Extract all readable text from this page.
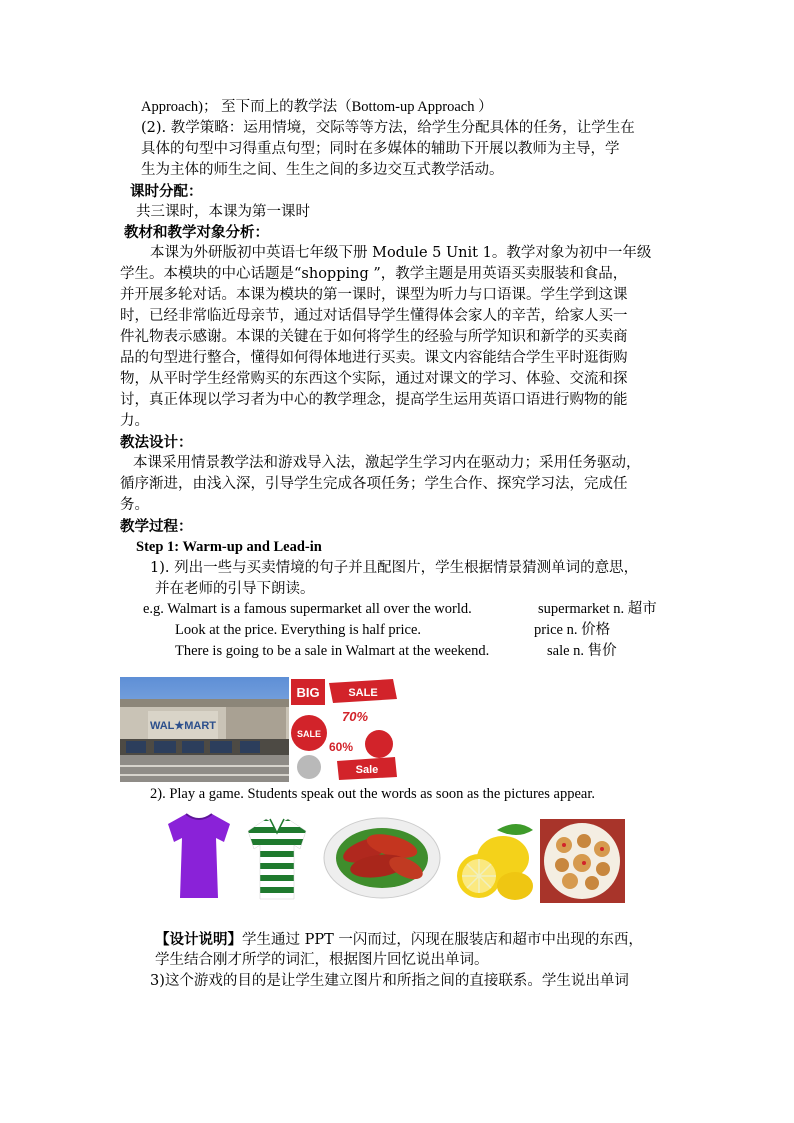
Approach)； 至下而上的教学法（Bottom-up Approach ）
(2). 教学策略：运用情境，交际等等方法，给学生分配具体的任务，让学生在
具体的句型中习得重点句型；同时在多媒体的辅助下开展以教师为主导，学
生为主体的师生之间、生生之间的多边交互式教学活动。
课时分配：
共三课时，本课为第一课时
教材和教学对象分析：
本课为外研版初中英语七年级下册 Module 5 Unit 1。教学对象为初中一年级
学生。本模块的中心话题是“shopping ”，教学主题是用英语买卖服装和食品，
并开展多轮对话。本课为模块的第一课时，课型为听力与口语课。学生学到这课
时，已经非常临近母亲节，通过对话倡导学生懂得体会家人的辛苦，给家人买一
件礼物表示感谢。本课的关键在于如何将学生的经验与所学知识和新学的买卖商
品的句型进行整合，懂得如何得体地进行买卖。课文内容能结合学生平时逛街购
物，从平时学生经常购买的东西这个实际，通过对课文的学习、体验、交流和探
讨，真正体现以学习者为中心的教学理念，提高学生运用英语口语进行购物的能
力。
教法设计：
本课采用情景教学法和游戏导入法，激起学生学习内在驱动力；采用任务驱动，
循序渐进，由浅入深，引导学生完成各项任务；学生合作、探究学习法，完成任
务。
教学过程：
Step 1: Warm-up and Lead-in
1). 列出一些与买卖情境的句子并且配图片，学生根据情景猜测单词的意思，
并在老师的引导下朗读。
e.g. Walmart is a famous supermarket all over the world.	supermarket n. 超市
Look at the price. Everything is half price.	price n. 价格
There is going to be a sale in Walmart at the weekend.	sale n. 售价
WAL★MART
BIG	SALE
70%
SALE
60%
Sale
2). Play a game. Students speak out the words as soon as the pictures appear.
【设计说明】学生通过 PPT 一闪而过，闪现在服装店和超市中出现的东西，
学生结合刚才所学的词汇，根据图片回忆说出单词。
3)这个游戏的目的是让学生建立图片和所指之间的直接联系。学生说出单词
